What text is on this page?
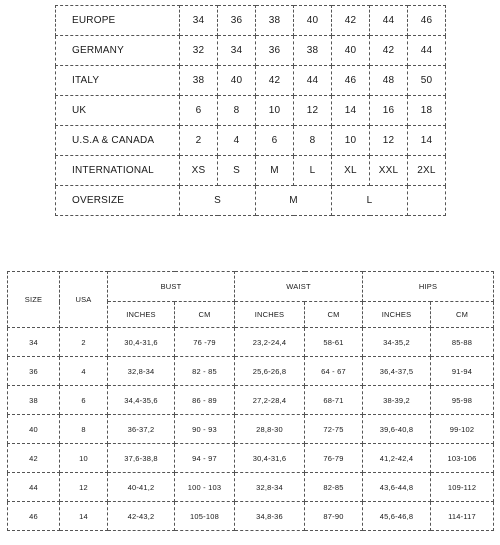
EUROPE	34	36	38	40	42	44	46
GERMANY	32	34	36	38	40	42	44
ITALY	38	40	42	44	46	48	50
UK	6	8	10	12	14	16	18
U.S.A & CANADA	2	4	6	8	10	12	14
INTERNATIONAL	XS	S	M	L	XL	XXL	2XL
OVERSIZE	S		M		L		
SIZE	USA	BUST		WAIST		HIPS	
		INCHES	CM	INCHES	CM	INCHES	CM
34	2	30,4-31,6	76 -79	23,2-24,4	58-61	34-35,2	85-88
36	4	32,8-34	82 - 85	25,6-26,8	64 - 67	36,4-37,5	91-94
38	6	34,4-35,6	86 - 89	27,2-28,4	68-71	38-39,2	95-98
40	8	36-37,2	90 - 93	28,8-30	72-75	39,6-40,8	99-102
42	10	37,6-38,8	94 - 97	30,4-31,6	76-79	41,2-42,4	103-106
44	12	40-41,2	100 - 103	32,8-34	82-85	43,6-44,8	109-112
46	14	42-43,2	105-108	34,8-36	87-90	45,6-46,8	114-117
